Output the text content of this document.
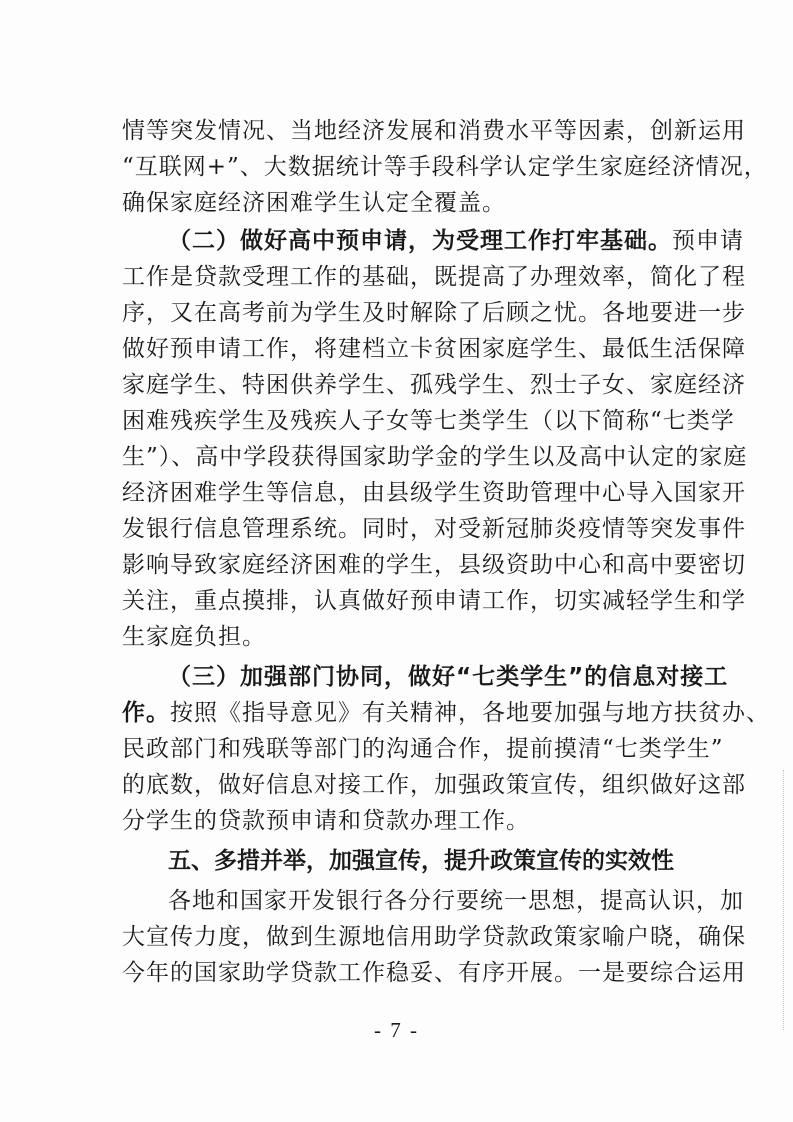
情等突发情况、当地经济发展和消费水平等因素，创新运用
“互联网+”、大数据统计等手段科学认定学生家庭经济情况，
确保家庭经济困难学生认定全覆盖。
（二）做好高中预申请，为受理工作打牢基础。预申请
工作是贷款受理工作的基础，既提高了办理效率，简化了程
序，又在高考前为学生及时解除了后顾之忧。各地要进一步
做好预申请工作，将建档立卡贫困家庭学生、最低生活保障
家庭学生、特困供养学生、孤残学生、烈士子女、家庭经济
困难残疾学生及残疾人子女等七类学生（以下简称“七类学
生”）、高中学段获得国家助学金的学生以及高中认定的家庭
经济困难学生等信息，由县级学生资助管理中心导入国家开
发银行信息管理系统。同时，对受新冠肺炎疫情等突发事件
影响导致家庭经济困难的学生，县级资助中心和高中要密切
关注，重点摸排，认真做好预申请工作，切实减轻学生和学
生家庭负担。
（三）加强部门协同，做好“七类学生”的信息对接工
作。按照《指导意见》有关精神，各地要加强与地方扶贫办、
民政部门和残联等部门的沟通合作，提前摸清“七类学生”
的底数，做好信息对接工作，加强政策宣传，组织做好这部
分学生的贷款预申请和贷款办理工作。
五、多措并举，加强宣传，提升政策宣传的实效性
各地和国家开发银行各分行要统一思想，提高认识，加
大宣传力度，做到生源地信用助学贷款政策家喻户晓，确保
今年的国家助学贷款工作稳妥、有序开展。一是要综合运用
- 7 -
